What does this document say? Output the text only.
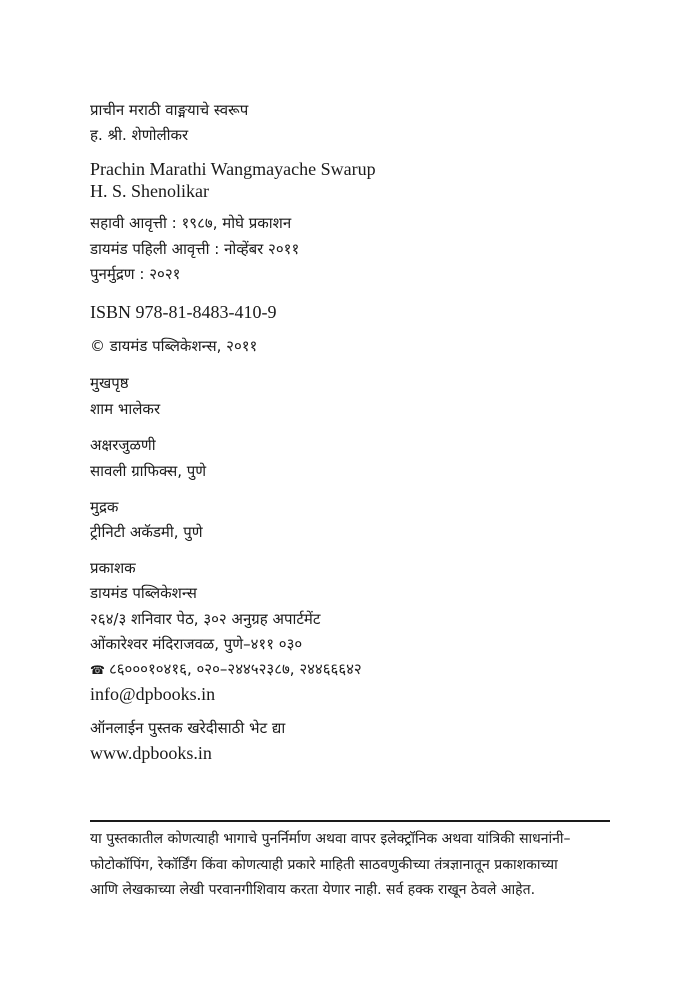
प्राचीन मराठी वाङ्मयाचे स्वरूप
ह. श्री. शेणोलीकर
Prachin Marathi Wangmayache Swarup
H. S. Shenolikar
सहावी आवृत्ती : १९८७, मोघे प्रकाशन
डायमंड पहिली आवृत्ती : नोव्हेंबर २०११
पुनर्मुद्रण : २०२१
ISBN 978-81-8483-410-9
© डायमंड पब्लिकेशन्स, २०११
मुखपृष्ठ
शाम भालेकर
अक्षरजुळणी
सावली ग्राफिक्स, पुणे
मुद्रक
ट्रीनिटी अकॅडमी, पुणे
प्रकाशक
डायमंड पब्लिकेशन्स
२६४/३ शनिवार पेठ, ३०२ अनुग्रह अपार्टमेंट
ओंकारेश्वर मंदिराजवळ, पुणे–४११ ०३०
☎ ८६०००१०४१६, ०२०–२४४५२३८७, २४४६६६४२
info@dpbooks.in
ऑनलाईन पुस्तक खरेदीसाठी भेट द्या
www.dpbooks.in
या पुस्तकातील कोणत्याही भागाचे पुनर्निर्माण अथवा वापर इलेक्ट्रॉनिक अथवा यांत्रिकी साधनांनी–
फोटोकॉपिंग, रेकॉर्डिंग किंवा कोणत्याही प्रकारे माहिती साठवणुकीच्या तंत्रज्ञानातून प्रकाशकाच्या
आणि लेखकाच्या लेखी परवानगीशिवाय करता येणार नाही. सर्व हक्क राखून ठेवले आहेत.
